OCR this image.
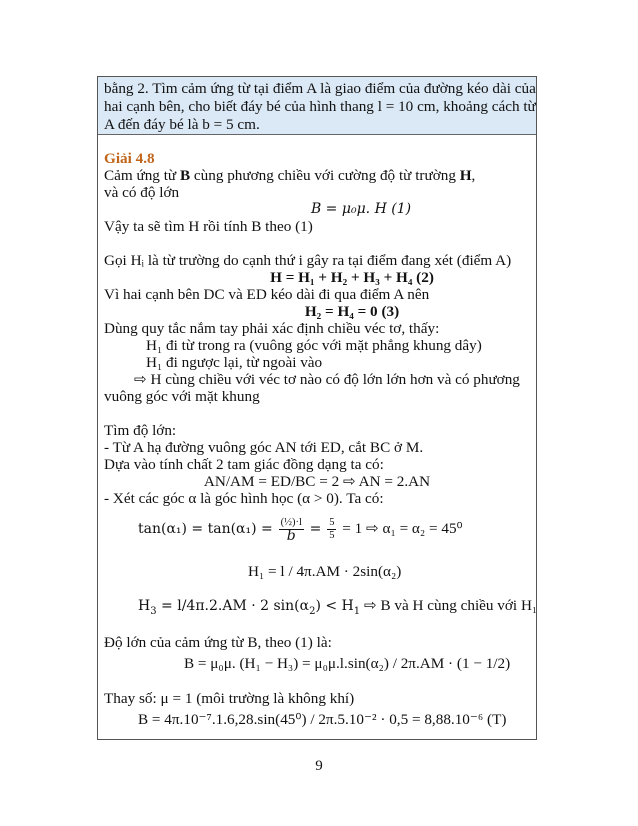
bằng 2. Tìm cảm ứng từ tại điểm A là giao điểm của đường kéo dài của
hai cạnh bên, cho biết đáy bé của hình thang l = 10 cm, khoảng cách từ
A đến đáy bé là b = 5 cm.
Giải 4.8
Cảm ứng từ B cùng phương chiều với cường độ từ trường H,
và có độ lớn
B = μ₀μ. H (1)
Vậy ta sẽ tìm H rồi tính B theo (1)
Gọi Hᵢ là từ trường do cạnh thứ i gây ra tại điểm đang xét (điểm A)
H = H₁ + H₂ + H₃ + H₄ (2)
Vì hai cạnh bên DC và ED kéo dài đi qua điểm A nên
H₂ = H₄ = 0 (3)
Dùng quy tắc nắm tay phải xác định chiều véc tơ, thấy:
H₁ đi từ trong ra (vuông góc với mặt phẳng khung dây)
H₁ đi ngược lại, từ ngoài vào
⇨ H cùng chiều với véc tơ nào có độ lớn lớn hơn và có phương
vuông góc với mặt khung
Tìm độ lớn:
- Từ A hạ đường vuông góc AN tới ED, cắt BC ở M.
Dựa vào tính chất 2 tam giác đồng dạng ta có:
AN/AM = ED/BC = 2 ⇨ AN = 2.AN
- Xét các góc α là góc hình học (α > 0). Ta có:
$\tan(\alpha_1) = \tan(\alpha_1) = \frac{\text{(½)·l}}{b} = \frac{5}{5} = 1$ ⇨ α₁ = α₂ = 45⁰
H₁ = l / 4π.AM · 2sin(α₂)
$H_3 = l/4\pi.2.AM \cdot 2$ $\sin(\alpha_2) < H_1$ ⇨ B và H cùng chiều với H₁
Độ lớn của cảm ứng từ B, theo (1) là:
B = μ₀μ. (H₁ − H₃) = μ₀μ.l.sin(α₂) / 2π.AM · (1 − 1/2)
Thay số: μ = 1 (môi trường là không khí)
B = 4π.10⁻⁷.1.6,28.sin(45⁰) / 2π.5.10⁻² · 0,5 = 8,88.10⁻⁶ (T)
9
